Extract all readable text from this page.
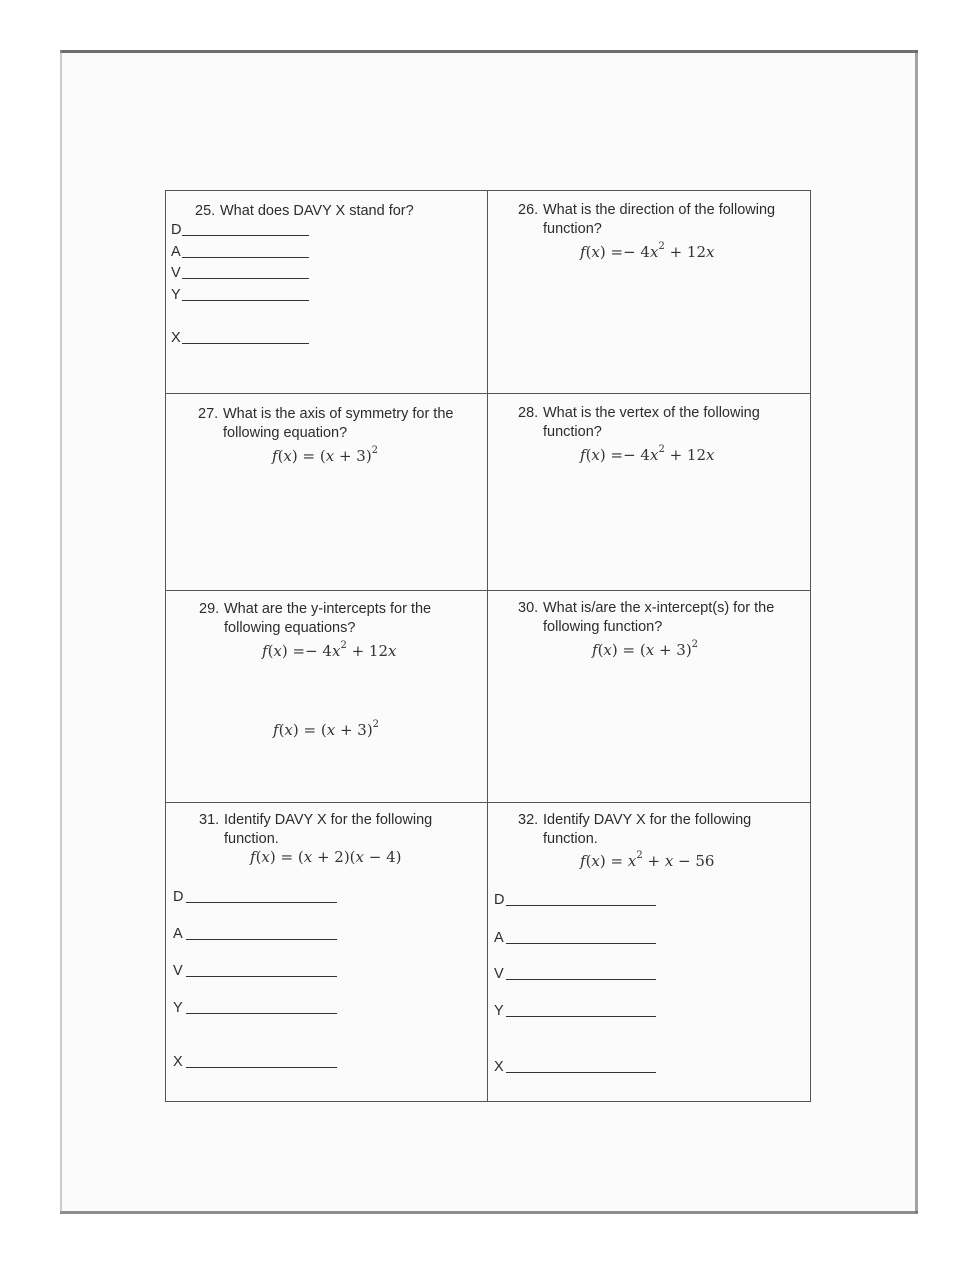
25. What does DAVY X stand for?
D
A
V
Y
X
26. What is the direction of the following
function?
$f(x) =- 4x^2 + 12x$
27. What is the axis of symmetry for the
following equation?
$f(x) = (x + 3)^2$
28. What is the vertex of the following
function?
$f(x) =- 4x^2 + 12x$
29. What are the y-intercepts for the
following equations?
$f(x) =- 4x^2 + 12x$
$f(x) = (x + 3)^2$
30. What is/are the x-intercept(s) for the
following function?
$f(x) = (x + 3)^2$
31. Identify DAVY X for the following
function.
f(x) = (x + 2)(x − 4)
D
A
V
Y
X
32. Identify DAVY X for the following
function.
$f(x) = x^2 + x - 56$
D
A
V
Y
X
